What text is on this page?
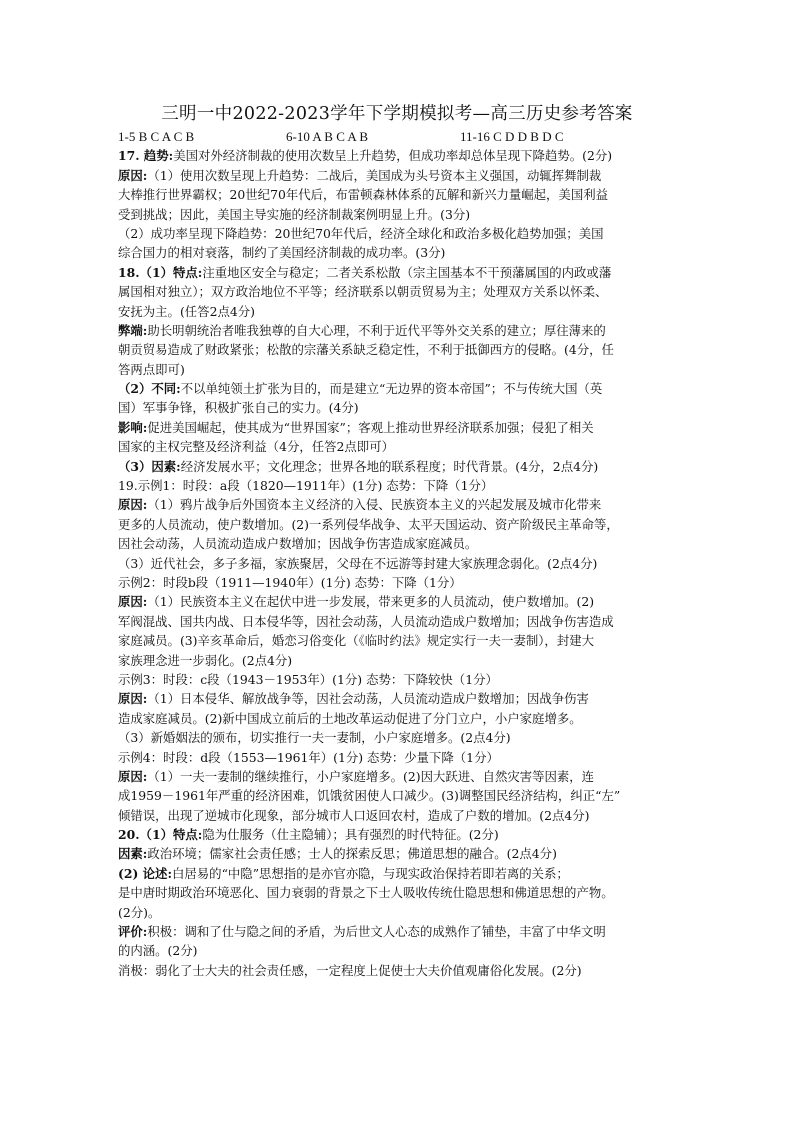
三明一中2022-2023学年下学期模拟考—高三历史参考答案
1-5 B C A C B	6-10 A B C A B	11-16 C D D B D C
17. 趋势:美国对外经济制裁的使用次数呈上升趋势，但成功率却总体呈现下降趋势。(2分)
原因:（1）使用次数呈现上升趋势：二战后，美国成为头号资本主义强国，动辄挥舞制裁
大棒推行世界霸权；20世纪70年代后，布雷顿森林体系的瓦解和新兴力量崛起，美国利益
受到挑战；因此，美国主导实施的经济制裁案例明显上升。(3分)
（2）成功率呈现下降趋势：20世纪70年代后，经济全球化和政治多极化趋势加强；美国
综合国力的相对衰落，制约了美国经济制裁的成功率。(3分)
18.（1）特点:注重地区安全与稳定；二者关系松散（宗主国基本不干预藩属国的内政或藩
属国相对独立）；双方政治地位不平等；经济联系以朝贡贸易为主；处理双方关系以怀柔、
安抚为主。(任答2点4分)
弊端:助长明朝统治者唯我独尊的自大心理，不利于近代平等外交关系的建立；厚往薄来的
朝贡贸易造成了财政紧张；松散的宗藩关系缺乏稳定性，不利于抵御西方的侵略。(4分，任
答两点即可)
（2）不同:不以单纯领土扩张为目的，而是建立“无边界的资本帝国”；不与传统大国（英
国）军事争锋，积极扩张自己的实力。(4分)
影响:促进美国崛起，使其成为“世界国家”；客观上推动世界经济联系加强；侵犯了相关
国家的主权完整及经济利益（4分，任答2点即可）
（3）因素:经济发展水平；文化理念；世界各地的联系程度；时代背景。(4分，2点4分)
19.示例1：时段：a段（1820—1911年）(1分) 态势：下降（1分）
原因:（1）鸦片战争后外国资本主义经济的入侵、民族资本主义的兴起发展及城市化带来
更多的人员流动，使户数增加。(2)一系列侵华战争、太平天国运动、资产阶级民主革命等，
因社会动荡，人员流动造成户数增加；因战争伤害造成家庭减员。
（3）近代社会，多子多福，家族聚居，父母在不远游等封建大家族理念弱化。(2点4分)
示例2：时段b段（1911—1940年）(1分) 态势：下降（1分）
原因:（1）民族资本主义在起伏中进一步发展，带来更多的人员流动，使户数增加。(2)
军阀混战、国共内战、日本侵华等，因社会动荡，人员流动造成户数增加；因战争伤害造成
家庭减员。(3)辛亥革命后，婚恋习俗变化（《临时约法》规定实行一夫一妻制），封建大
家族理念进一步弱化。(2点4分)
示例3：时段：c段（1943－1953年）(1分) 态势：下降较快（1分）
原因:（1）日本侵华、解放战争等，因社会动荡，人员流动造成户数增加；因战争伤害
造成家庭减员。(2)新中国成立前后的土地改革运动促进了分门立户，小户家庭增多。
（3）新婚姻法的颁布，切实推行一夫一妻制，小户家庭增多。(2点4分)
示例4：时段：d段（1553—1961年）(1分) 态势：少量下降（1分）
原因:（1）一夫一妻制的继续推行，小户家庭增多。(2)因大跃进、自然灾害等因素，连
成1959－1961年严重的经济困难，饥饿贫困使人口减少。(3)调整国民经济结构，纠正“左”
倾错误，出现了逆城市化现象，部分城市人口返回农村，造成了户数的增加。(2点4分)
20.（1）特点:隐为仕服务（仕主隐辅）；具有强烈的时代特征。(2分)
因素:政治环境；儒家社会责任感；士人的探索反思；佛道思想的融合。(2点4分)
(2) 论述:白居易的“中隐”思想指的是亦官亦隐，与现实政治保持若即若离的关系；
是中唐时期政治环境恶化、国力衰弱的背景之下士人吸收传统仕隐思想和佛道思想的产物。
(2分)。
评价:积极：调和了仕与隐之间的矛盾，为后世文人心态的成熟作了铺垫，丰富了中华文明
的内涵。(2分)
消极：弱化了士大夫的社会责任感，一定程度上促使士大夫价值观庸俗化发展。(2分)
